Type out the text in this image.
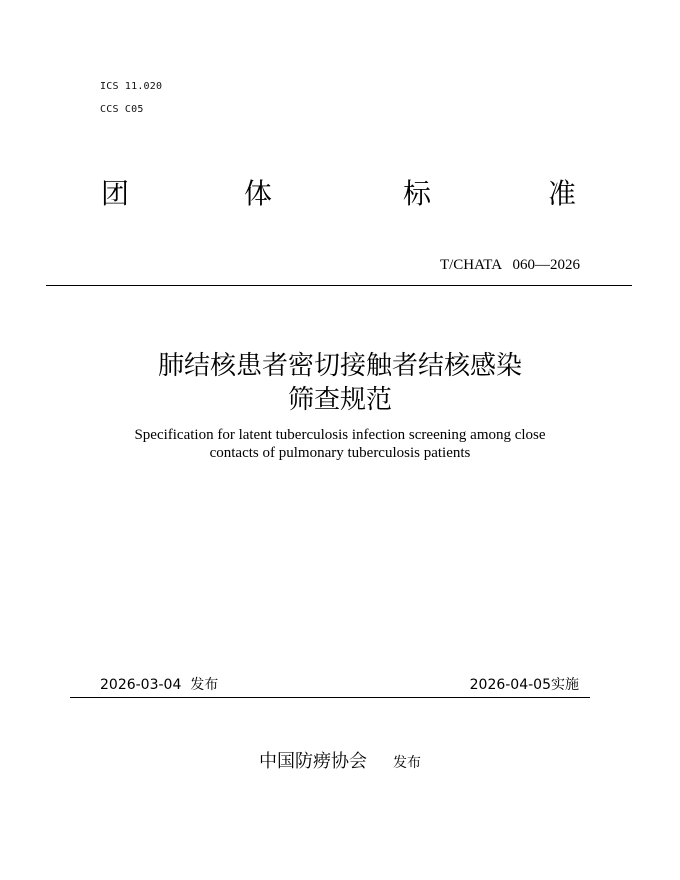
ICS 11.020
CCS C05
团	体	标	准
T/CHATA   060—2026
肺结核患者密切接触者结核感染
筛查规范
Specification for latent tuberculosis infection screening among close
contacts of pulmonary tuberculosis patients
2026-03-04  发布	2026-04-05实施
中国防痨协会 发布
